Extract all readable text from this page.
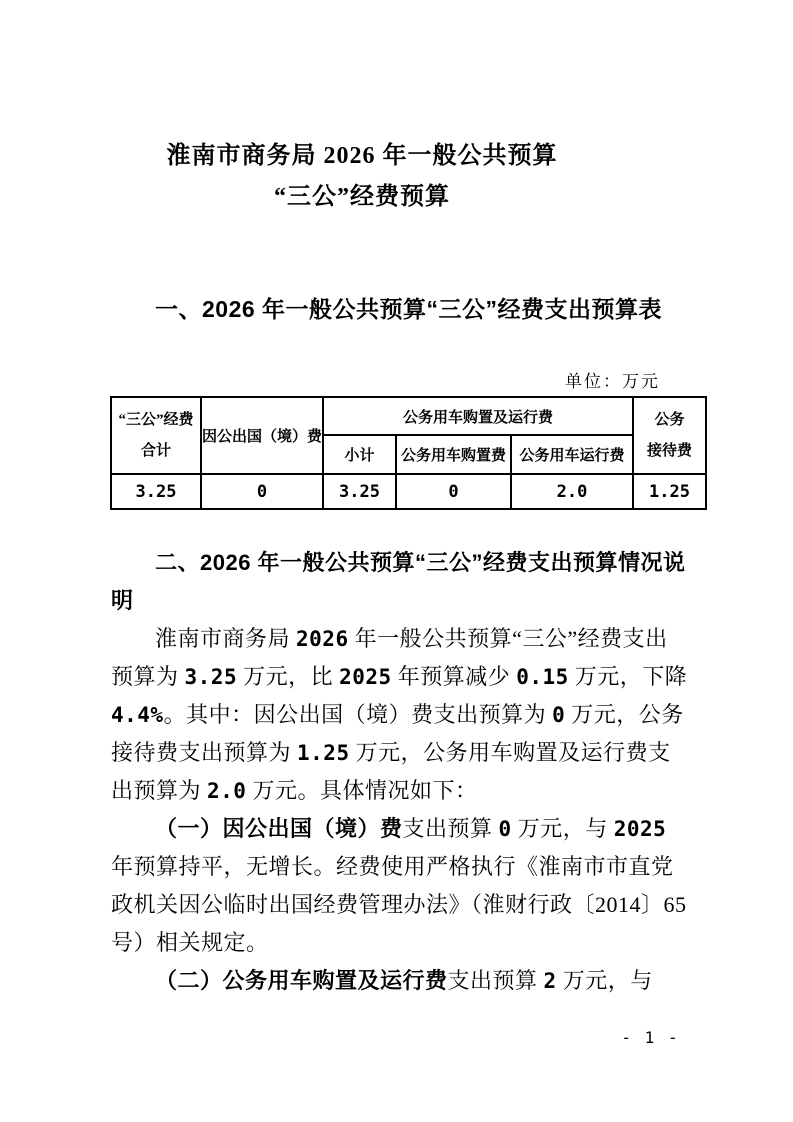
淮南市商务局 2026 年一般公共预算
“三公”经费预算
一、2026 年一般公共预算“三公”经费支出预算表
单位：万元
“三公”经费
合计
	因公出国（境）费	公务用车购置及运行费	公务
接待费

		小计	公务用车购置费	公务用车运行费	
3.25	0	3.25	0	2.0	1.25
二、2026 年一般公共预算“三公”经费支出预算情况说
明
淮南市商务局 2026 年一般公共预算“三公”经费支出
预算为 3.25 万元，比 2025 年预算减少 0.15 万元，下降
4.4%。其中：因公出国（境）费支出预算为 0 万元，公务
接待费支出预算为 1.25 万元，公务用车购置及运行费支
出预算为 2.0 万元。具体情况如下：
（一）因公出国（境）费支出预算 0 万元，与 2025
年预算持平，无增长。经费使用严格执行《淮南市市直党
政机关因公临时出国经费管理办法》（淮财行政〔2014〕65
号）相关规定。
（二）公务用车购置及运行费支出预算 2 万元，与
- 1 -
